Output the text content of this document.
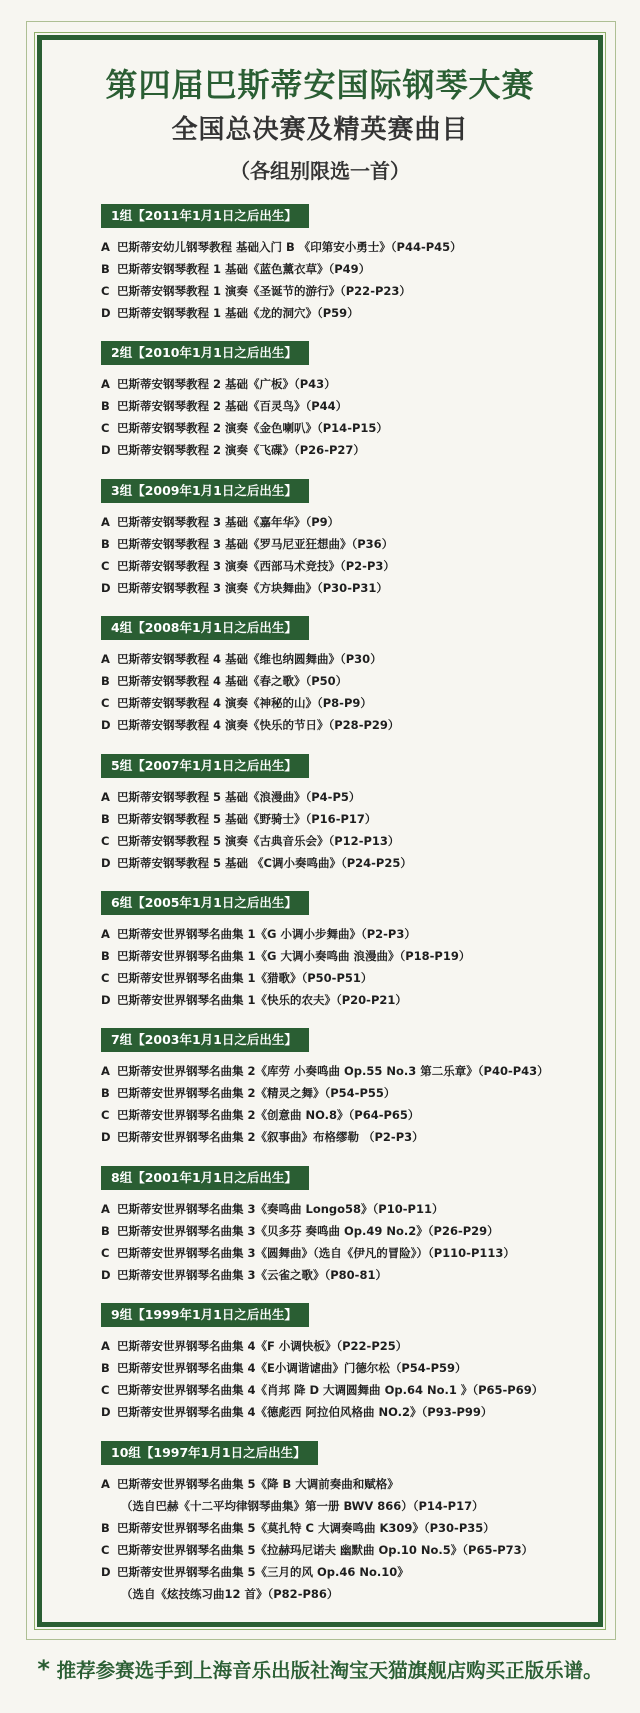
第四届巴斯蒂安国际钢琴大赛
全国总决赛及精英赛曲目
（各组别限选一首）
1组【2011年1月1日之后出生】
A 巴斯蒂安幼儿钢琴教程 基础入门 B 《印第安小勇士》（P44-P45）
B 巴斯蒂安钢琴教程 1 基础《蓝色薰衣草》（P49）
C 巴斯蒂安钢琴教程 1 演奏《圣诞节的游行》（P22-P23）
D 巴斯蒂安钢琴教程 1 基础《龙的洞穴》（P59）
2组【2010年1月1日之后出生】
A 巴斯蒂安钢琴教程 2 基础《广板》（P43）
B 巴斯蒂安钢琴教程 2 基础《百灵鸟》（P44）
C 巴斯蒂安钢琴教程 2 演奏《金色喇叭》（P14-P15）
D 巴斯蒂安钢琴教程 2 演奏《飞碟》（P26-P27）
3组【2009年1月1日之后出生】
A 巴斯蒂安钢琴教程 3 基础《嘉年华》（P9）
B 巴斯蒂安钢琴教程 3 基础《罗马尼亚狂想曲》（P36）
C 巴斯蒂安钢琴教程 3 演奏《西部马术竞技》（P2-P3）
D 巴斯蒂安钢琴教程 3 演奏《方块舞曲》（P30-P31）
4组【2008年1月1日之后出生】
A 巴斯蒂安钢琴教程 4 基础《维也纳圆舞曲》（P30）
B 巴斯蒂安钢琴教程 4 基础《春之歌》（P50）
C 巴斯蒂安钢琴教程 4 演奏《神秘的山》（P8-P9）
D 巴斯蒂安钢琴教程 4 演奏《快乐的节日》（P28-P29）
5组【2007年1月1日之后出生】
A 巴斯蒂安钢琴教程 5 基础《浪漫曲》（P4-P5）
B 巴斯蒂安钢琴教程 5 基础《野骑士》（P16-P17）
C 巴斯蒂安钢琴教程 5 演奏《古典音乐会》（P12-P13）
D 巴斯蒂安钢琴教程 5 基础 《C调小奏鸣曲》（P24-P25）
6组【2005年1月1日之后出生】
A 巴斯蒂安世界钢琴名曲集 1《G 小调小步舞曲》（P2-P3）
B 巴斯蒂安世界钢琴名曲集 1《G 大调小奏鸣曲 浪漫曲》（P18-P19）
C 巴斯蒂安世界钢琴名曲集 1《猎歌》（P50-P51）
D 巴斯蒂安世界钢琴名曲集 1《快乐的农夫》（P20-P21）
7组【2003年1月1日之后出生】
A 巴斯蒂安世界钢琴名曲集 2《库劳 小奏鸣曲 Op.55 No.3 第二乐章》（P40-P43）
B 巴斯蒂安世界钢琴名曲集 2《精灵之舞》（P54-P55）
C 巴斯蒂安世界钢琴名曲集 2《创意曲 NO.8》（P64-P65）
D 巴斯蒂安世界钢琴名曲集 2《叙事曲》布格缪勒 （P2-P3）
8组【2001年1月1日之后出生】
A 巴斯蒂安世界钢琴名曲集 3《奏鸣曲 Longo58》（P10-P11）
B 巴斯蒂安世界钢琴名曲集 3《贝多芬 奏鸣曲 Op.49 No.2》（P26-P29）
C 巴斯蒂安世界钢琴名曲集 3《圆舞曲》（选自《伊凡的冒险》）（P110-P113）
D 巴斯蒂安世界钢琴名曲集 3《云雀之歌》（P80-81）
9组【1999年1月1日之后出生】
A 巴斯蒂安世界钢琴名曲集 4《F 小调快板》（P22-P25）
B 巴斯蒂安世界钢琴名曲集 4《E小调谐谑曲》门德尔松（P54-P59）
C 巴斯蒂安世界钢琴名曲集 4《肖邦 降 D 大调圆舞曲 Op.64 No.1 》（P65-P69）
D 巴斯蒂安世界钢琴名曲集 4《德彪西 阿拉伯风格曲 NO.2》（P93-P99）
10组【1997年1月1日之后出生】
A 巴斯蒂安世界钢琴名曲集 5《降 B 大调前奏曲和赋格》
（选自巴赫《十二平均律钢琴曲集》第一册 BWV 866）（P14-P17）
B 巴斯蒂安世界钢琴名曲集 5《莫扎特 C 大调奏鸣曲 K309》（P30-P35）
C 巴斯蒂安世界钢琴名曲集 5《拉赫玛尼诺夫 幽默曲 Op.10 No.5》（P65-P73）
D 巴斯蒂安世界钢琴名曲集 5《三月的风 Op.46 No.10》
（选自《炫技练习曲12 首》（P82-P86）
* 推荐参赛选手到上海音乐出版社淘宝天猫旗舰店购买正版乐谱。
